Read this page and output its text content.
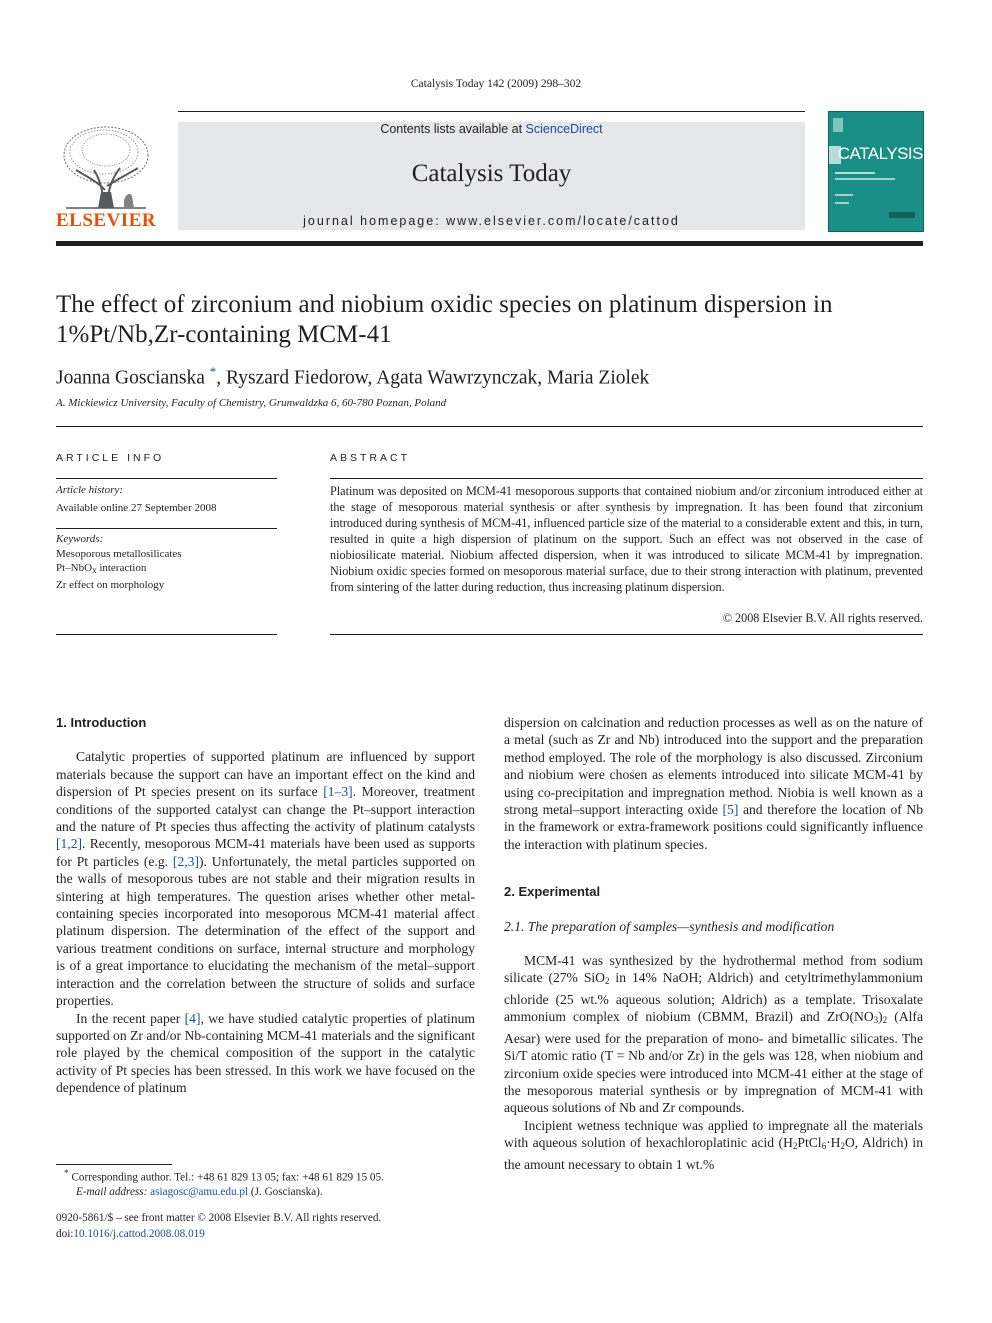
Catalysis Today 142 (2009) 298–302
ELSEVIER
Contents lists available at ScienceDirect
Catalysis Today
journal homepage: www.elsevier.com/locate/cattod
CATALYSIS
The effect of zirconium and niobium oxidic species on platinum dispersion in 1%Pt/Nb,Zr-containing MCM-41
Joanna Goscianska *, Ryszard Fiedorow, Agata Wawrzynczak, Maria Ziolek
A. Mickiewicz University, Faculty of Chemistry, Grunwaldzka 6, 60-780 Poznan, Poland
ARTICLE INFO
Article history:
Available online 27 September 2008
Keywords:
Mesoporous metallosilicates
Pt–NbO$_x$ interaction
Zr effect on morphology
ABSTRACT
Platinum was deposited on MCM-41 mesoporous supports that contained niobium and/or zirconium introduced either at the stage of mesoporous material synthesis or after synthesis by impregnation. It has been found that zirconium introduced during synthesis of MCM-41, influenced particle size of the material to a considerable extent and this, in turn, resulted in quite a high dispersion of platinum on the support. Such an effect was not observed in the case of niobiosilicate material. Niobium affected dispersion, when it was introduced to silicate MCM-41 by impregnation. Niobium oxidic species formed on mesoporous material surface, due to their strong interaction with platinum, prevented from sintering of the latter during reduction, thus increasing platinum dispersion.
© 2008 Elsevier B.V. All rights reserved.
1. Introduction

Catalytic properties of supported platinum are influenced by support materials because the support can have an important effect on the kind and dispersion of Pt species present on its surface [1–3]. Moreover, treatment conditions of the supported catalyst can change the Pt–support interaction and the nature of Pt species thus affecting the activity of platinum catalysts [1,2]. Recently, mesoporous MCM-41 materials have been used as supports for Pt particles (e.g. [2,3]). Unfortunately, the metal particles supported on the walls of mesoporous tubes are not stable and their migration results in sintering at high temperatures. The question arises whether other metal-containing species incorporated into mesoporous MCM-41 material affect platinum dispersion. The determination of the effect of the support and various treatment conditions on surface, internal structure and morphology is of a great importance to elucidating the mechanism of the metal–support interaction and the correlation between the structure of solids and surface properties.

In the recent paper [4], we have studied catalytic properties of platinum supported on Zr and/or Nb-containing MCM-41 materials and the significant role played by the chemical composition of the support in the catalytic activity of Pt species has been stressed. In this work we have focused on the dependence of platinum

dispersion on calcination and reduction processes as well as on the nature of a metal (such as Zr and Nb) introduced into the support and the preparation method employed. The role of the morphology is also discussed. Zirconium and niobium were chosen as elements introduced into silicate MCM-41 by using co-precipitation and impregnation method. Niobia is well known as a strong metal–support interacting oxide [5] and therefore the location of Nb in the framework or extra-framework positions could significantly influence the interaction with platinum species.

2. Experimental
2.1. The preparation of samples—synthesis and modification

MCM-41 was synthesized by the hydrothermal method from sodium silicate (27% SiO$_2$ in 14% NaOH; Aldrich) and cetyltrimethylammonium chloride (25 wt.% aqueous solution; Aldrich) as a template. Trisoxalate ammonium complex of niobium (CBMM, Brazil) and $ZrO(NO_3)_2$ (Alfa Aesar) were used for the preparation of mono- and bimetallic silicates. The Si/T atomic ratio (T = Nb and/or Zr) in the gels was 128, when niobium and zirconium oxide species were introduced into MCM-41 either at the stage of the mesoporous material synthesis or by impregnation of MCM-41 with aqueous solutions of Nb and Zr compounds.

Incipient wetness technique was applied to impregnate all the materials with aqueous solution of hexachloroplatinic acid ($H_2PtCl_6\cdot H_2O$, Aldrich) in the amount necessary to obtain 1 wt.%

* Corresponding author. Tel.: +48 61 829 13 05; fax: +48 61 829 15 05.
E-mail address: asiagosc@amu.edu.pl (J. Goscianska).
0920-5861/$ – see front matter © 2008 Elsevier B.V. All rights reserved.
doi:10.1016/j.cattod.2008.08.019
